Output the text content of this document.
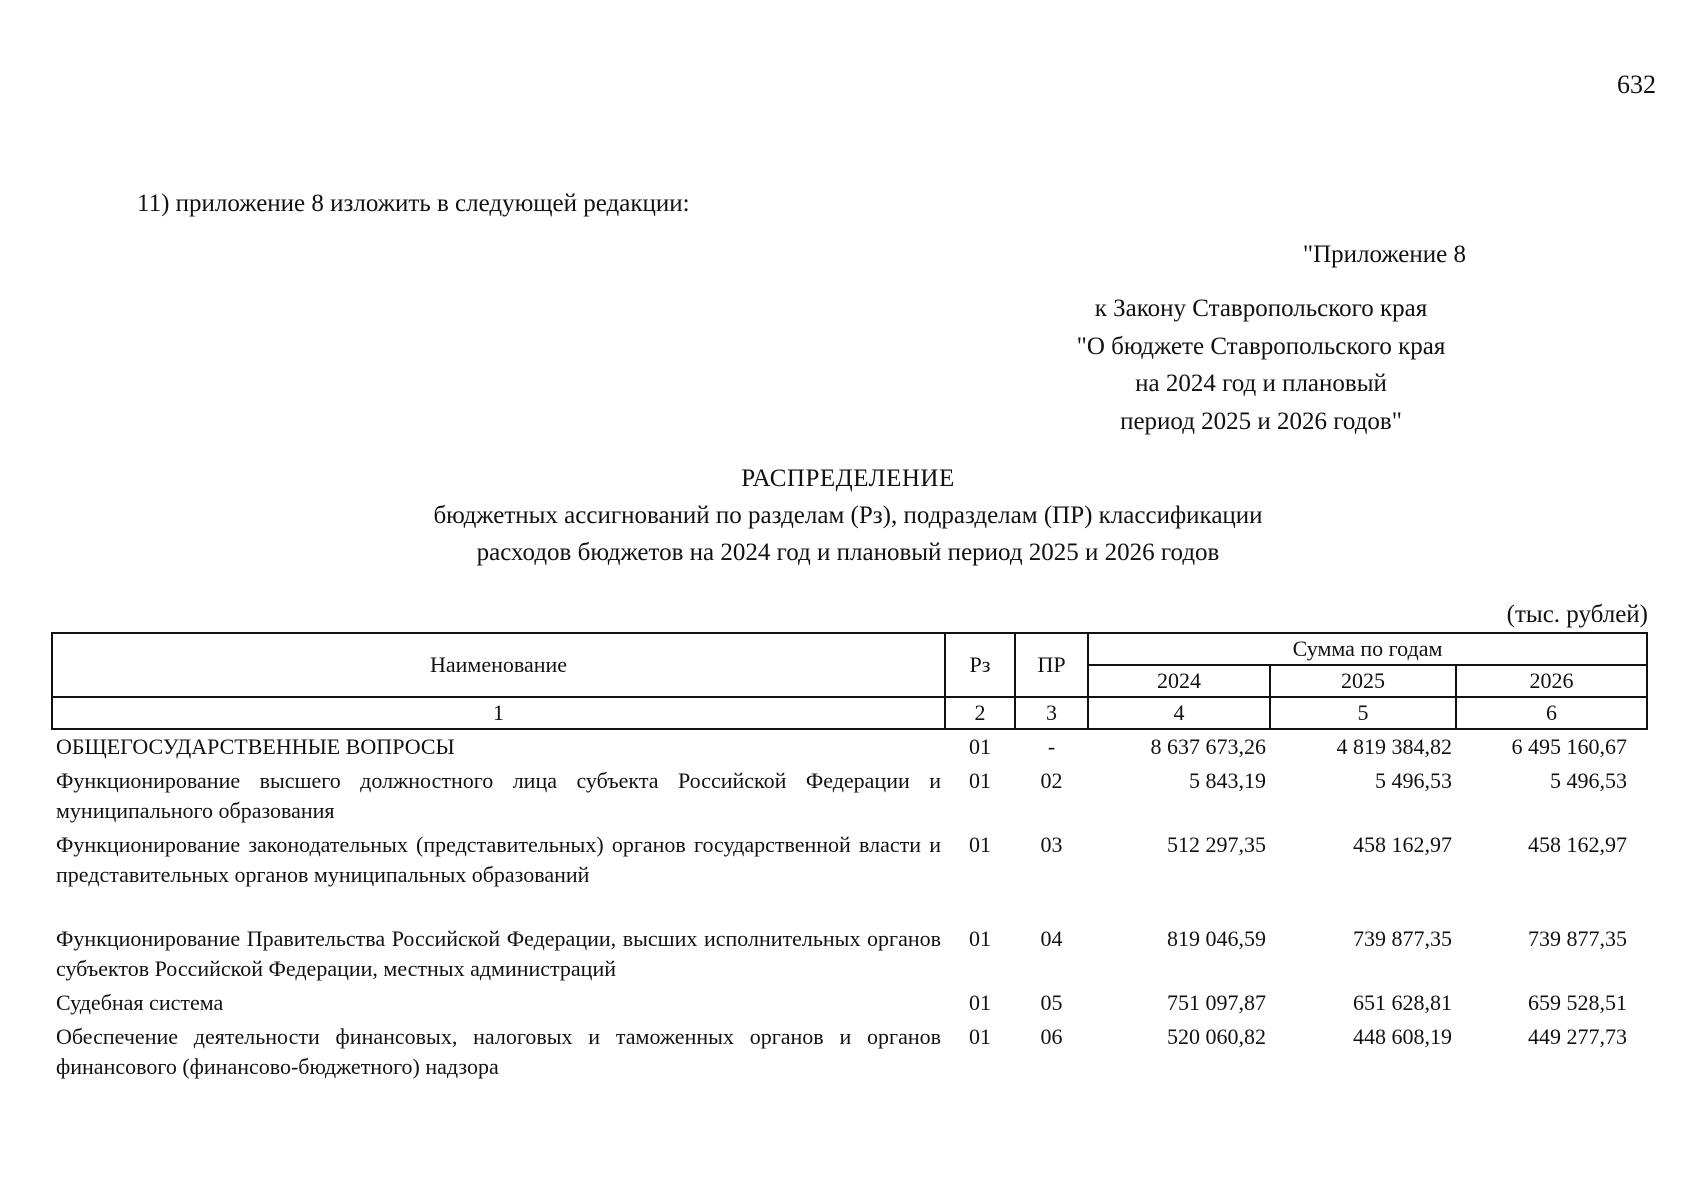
632
11) приложение 8 изложить в следующей редакции:
"Приложение 8
к Закону Ставропольского края
"О бюджете Ставропольского края
на 2024 год и плановый
период 2025 и 2026 годов"
РАСПРЕДЕЛЕНИЕ
бюджетных ассигнований по разделам (Рз), подразделам (ПР) классификации
расходов бюджетов на 2024 год и плановый период 2025 и 2026 годов
(тыс. рублей)
Наименование	Рз	ПР	Сумма по годам		
			2024	2025	2026
1	2	3	4	5	6
ОБЩЕГОСУДАРСТВЕННЫЕ ВОПРОСЫ	01	-	8 637 673,26	4 819 384,82	6 495 160,67
Функционирование высшего должностного лица субъекта Российской Федерации и муниципального образования	01	02	5 843,19	5 496,53	5 496,53
Функционирование законодательных (представительных) органов государственной власти и представительных органов муниципальных образований	01	03	512 297,35	458 162,97	458 162,97
Функционирование Правительства Российской Федерации, высших исполнительных органов субъектов Российской Федерации, местных администраций	01	04	819 046,59	739 877,35	739 877,35
Судебная система	01	05	751 097,87	651 628,81	659 528,51
Обеспечение деятельности финансовых, налоговых и таможенных органов и органов финансового (финансово-бюджетного) надзора	01	06	520 060,82	448 608,19	449 277,73
